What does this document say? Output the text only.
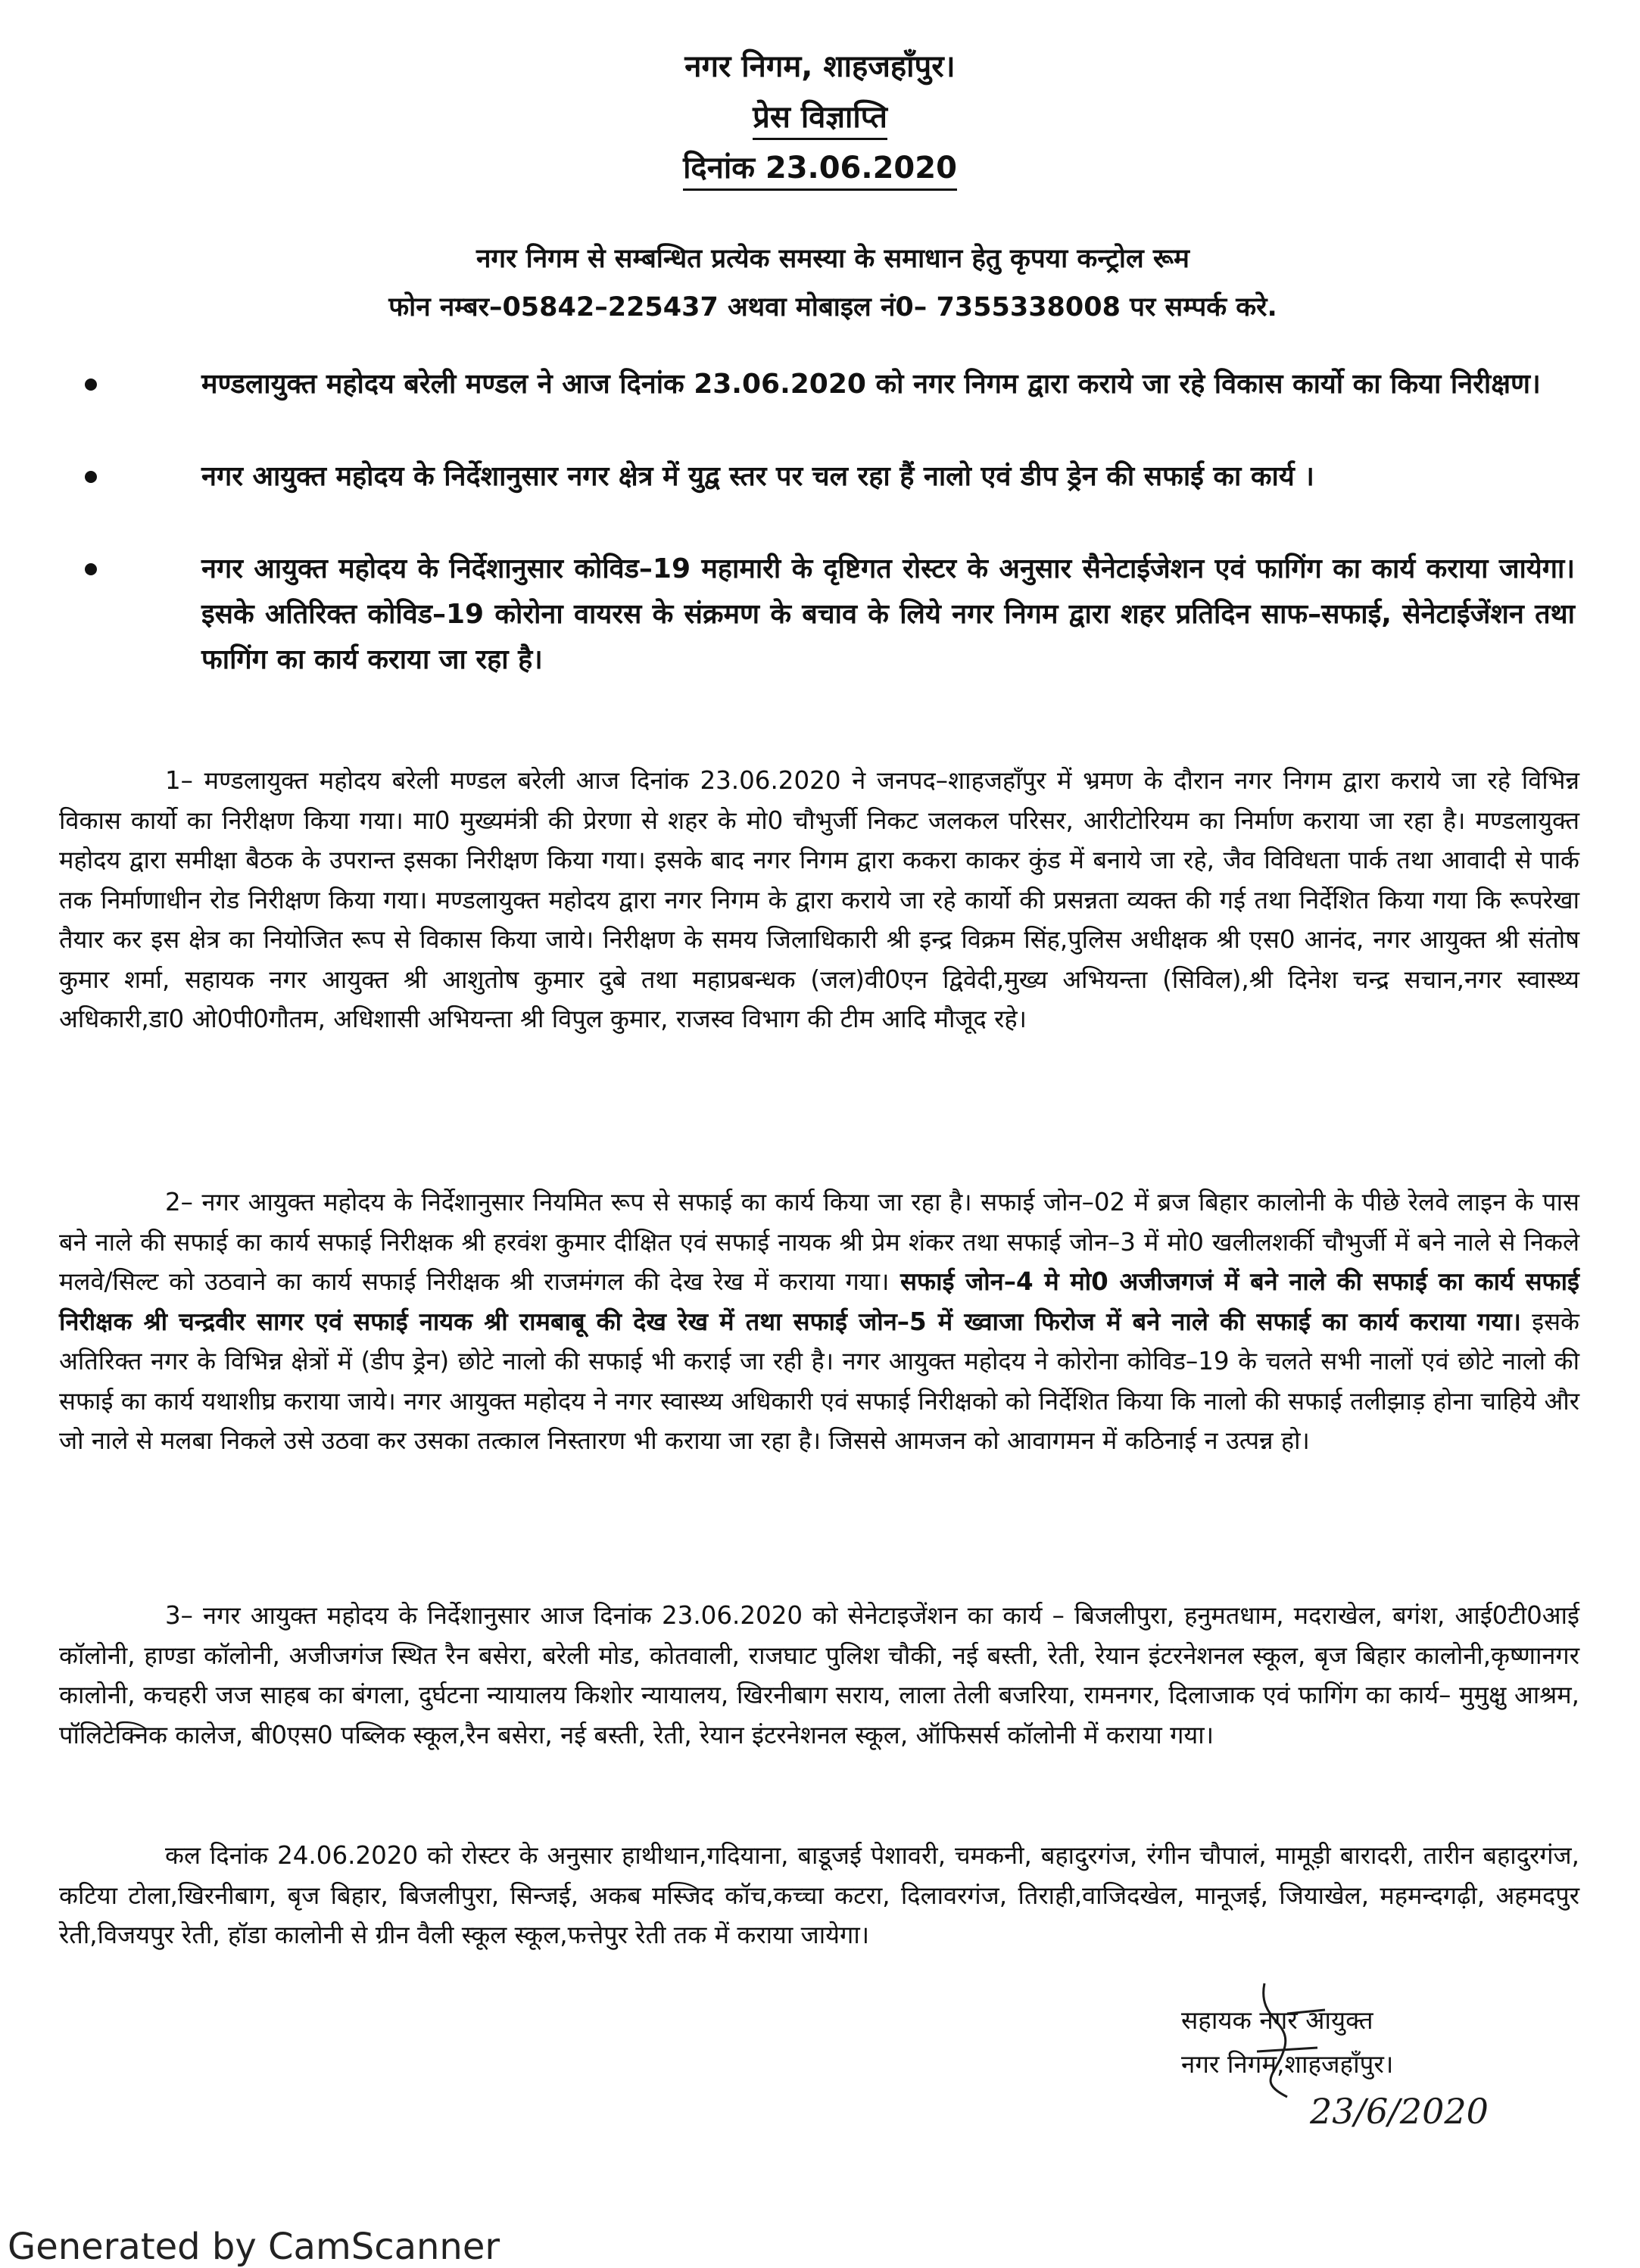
नगर निगम, शाहजहाँपुर।
प्रेस विज्ञाप्ति
दिनांक 23.06.2020
नगर निगम से सम्बन्धित प्रत्येक समस्या के समाधान हेतु कृपया कन्ट्रोल रूम
फोन नम्बर–05842–225437 अथवा मोबाइल नं0– 7355338008 पर सम्पर्क करे.
मण्डलायुक्त महोदय बरेली मण्डल ने आज दिनांक 23.06.2020 को नगर निगम द्वारा कराये जा रहे विकास कार्यो का किया निरीक्षण।
नगर आयुक्त महोदय के निर्देशानुसार नगर क्षेत्र में युद्व स्तर पर चल रहा हैं नालो एवं डीप ड्रेन की सफाई का कार्य ।
नगर आयुक्त महोदय के निर्देशानुसार कोविड–19 महामारी के दृष्टिगत रोस्टर के अनुसार सैनेटाईजेशन एवं फागिंग का कार्य कराया जायेगा। इसके अतिरिक्त कोविड–19 कोरोना वायरस के संक्रमण के बचाव के लिये नगर निगम द्वारा शहर प्रतिदिन साफ–सफाई, सेनेटाईजेंशन तथा फागिंग का कार्य कराया जा रहा है।

1– मण्डलायुक्त महोदय बरेली मण्डल बरेली आज दिनांक 23.06.2020 ने जनपद–शाहजहाँपुर में भ्रमण के दौरान नगर निगम द्वारा कराये जा रहे विभिन्न विकास कार्यो का निरीक्षण किया गया। मा0 मुख्यमंत्री की प्रेरणा से शहर के मो0 चौभुर्जी निकट जलकल परिसर, आरीटोरियम का निर्माण कराया जा रहा है। मण्डलायुक्त महोदय द्वारा समीक्षा बैठक के उपरान्त इसका निरीक्षण किया गया। इसके बाद नगर निगम द्वारा ककरा काकर कुंड में बनाये जा रहे, जैव विविधता पार्क तथा आवादी से पार्क तक निर्माणाधीन रोड निरीक्षण किया गया। मण्डलायुक्त महोदय द्वारा नगर निगम के द्वारा कराये जा रहे कार्यो की प्रसन्नता व्यक्त की गई तथा निर्देशित किया गया कि रूपरेखा तैयार कर इस क्षेत्र का नियोजित रूप से विकास किया जाये। निरीक्षण के समय जिलाधिकारी श्री इन्द्र विक्रम सिंह,पुलिस अधीक्षक श्री एस0 आनंद, नगर आयुक्त श्री संतोष कुमार शर्मा, सहायक नगर आयुक्त श्री आशुतोष कुमार दुबे तथा महाप्रबन्धक (जल)वी0एन द्विवेदी,मुख्य अभियन्ता (सिविल),श्री दिनेश चन्द्र सचान,नगर स्वास्थ्य अधिकारी,डा0 ओ0पी0गौतम, अधिशासी अभियन्ता श्री विपुल कुमार, राजस्व विभाग की टीम आदि मौजूद रहे।

2– नगर आयुक्त महोदय के निर्देशानुसार नियमित रूप से सफाई का कार्य किया जा रहा है। सफाई जोन–02 में ब्रज बिहार कालोनी के पीछे रेलवे लाइन के पास बने नाले की सफाई का कार्य सफाई निरीक्षक श्री हरवंश कुमार दीक्षित एवं सफाई नायक श्री प्रेम शंकर तथा सफाई जोन–3 में मो0 खलीलशर्की चौभुर्जी में बने नाले से निकले मलवे/सिल्ट को उठवाने का कार्य सफाई निरीक्षक श्री राजमंगल की देख रेख में कराया गया। सफाई जोन–4 मे मो0 अजीजगजं में बने नाले की सफाई का कार्य सफाई निरीक्षक श्री चन्द्रवीर सागर एवं सफाई नायक श्री रामबाबू की देख रेख में तथा सफाई जोन–5 में ख्वाजा फिरोज में बने नाले की सफाई का कार्य कराया गया। इसके अतिरिक्त नगर के विभिन्न क्षेत्रों में (डीप ड्रेन) छोटे नालो की सफाई भी कराई जा रही है। नगर आयुक्त महोदय ने कोरोना कोविड–19 के चलते सभी नालों एवं छोटे नालो की सफाई का कार्य यथाशीघ्र कराया जाये। नगर आयुक्त महोदय ने नगर स्वास्थ्य अधिकारी एवं सफाई निरीक्षको को निर्देशित किया कि नालो की सफाई तलीझाड़ होना चाहिये और जो नाले से मलबा निकले उसे उठवा कर उसका तत्काल निस्तारण भी कराया जा रहा है। जिससे आमजन को आवागमन में कठिनाई न उत्पन्न हो।

3– नगर आयुक्त महोदय के निर्देशानुसार आज दिनांक 23.06.2020 को सेनेटाइजेंशन का कार्य – बिजलीपुरा, हनुमतधाम, मदराखेल, बगंश, आई0टी0आई कॉलोनी, हाण्डा कॉलोनी, अजीजगंज स्थित रैन बसेरा, बरेली मोड, कोतवाली, राजघाट पुलिश चौकी, नई बस्ती, रेती, रेयान इंटरनेशनल स्कूल, बृज बिहार कालोनी,कृष्णानगर कालोनी, कचहरी जज साहब का बंगला, दुर्घटना न्यायालय किशोर न्यायालय, खिरनीबाग सराय, लाला तेली बजरिया, रामनगर, दिलाजाक एवं फागिंग का कार्य– मुमुक्षु आश्रम, पॉलिटेक्निक कालेज, बी0एस0 पब्लिक स्कूल,रैन बसेरा, नई बस्ती, रेती, रेयान इंटरनेशनल स्कूल, ऑफिसर्स कॉलोनी में कराया गया।

कल दिनांक 24.06.2020 को रोस्टर के अनुसार हाथीथान,गदियाना, बाडूजई पेशावरी, चमकनी, बहादुरगंज, रंगीन चौपालं, मामूड़ी बारादरी, तारीन बहादुरगंज, कटिया टोला,खिरनीबाग, बृज बिहार, बिजलीपुरा, सिन्जई, अकब मस्जिद कॉच,कच्चा कटरा, दिलावरगंज, तिराही,वाजिदखेल, मानूजई, जियाखेल, महमन्दगढ़ी, अहमदपुर रेती,विजयपुर रेती, हॉडा कालोनी से ग्रीन वैली स्कूल स्कूल,फत्तेपुर रेती तक में कराया जायेगा।

सहायक नगर आयुक्त
नगर निगम,शाहजहाँपुर।
23/6/2020
Generated by CamScanner
